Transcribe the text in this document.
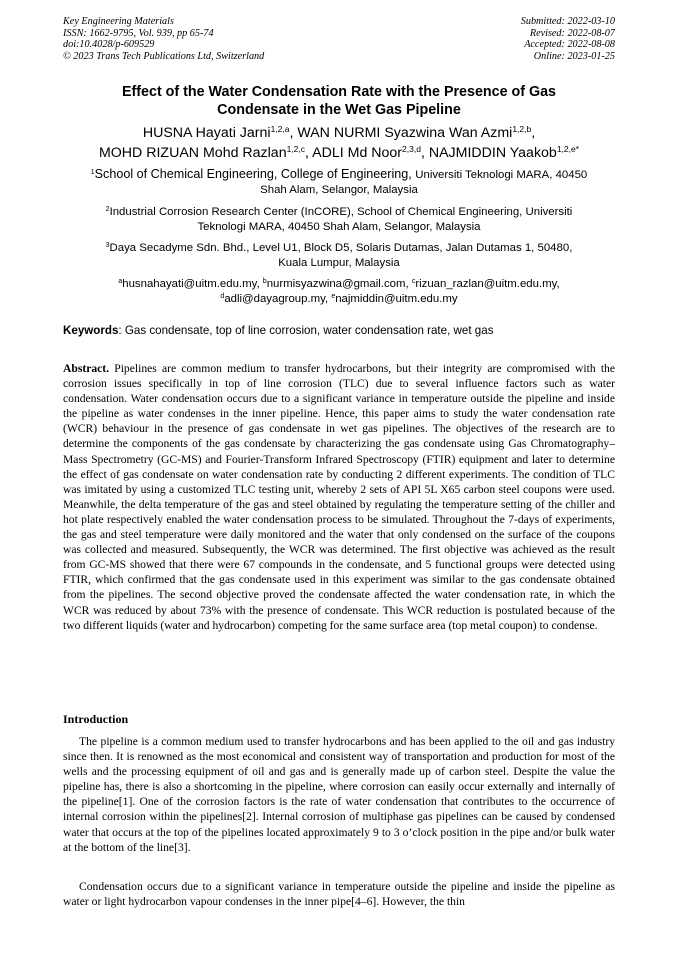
Key Engineering Materials
ISSN: 1662-9795, Vol. 939, pp 65-74
doi:10.4028/p-609529
© 2023 Trans Tech Publications Ltd, Switzerland
Submitted: 2022-03-10
Revised: 2022-08-07
Accepted: 2022-08-08
Online: 2023-01-25
Effect of the Water Condensation Rate with the Presence of Gas
Condensate in the Wet Gas Pipeline
HUSNA Hayati Jarni$^{1,2,a}$, WAN NURMI Syazwina Wan Azmi$^{1,2,b}$,
MOHD RIZUAN Mohd Razlan$^{1,2,c}$, ADLI Md Noor$^{2,3,d}$, NAJMIDDIN Yaakob$^{1,2,e*}$
$^1$School of Chemical Engineering, College of Engineering, Universiti Teknologi MARA, 40450
Shah Alam, Selangor, Malaysia
$^2$Industrial Corrosion Research Center (InCORE), School of Chemical Engineering, Universiti
Teknologi MARA, 40450 Shah Alam, Selangor, Malaysia
$^3$Daya Secadyme Sdn. Bhd., Level U1, Block D5, Solaris Dutamas, Jalan Dutamas 1, 50480,
Kuala Lumpur, Malaysia
$^a$husnahayati@uitm.edu.my, $^b$nurmisyazwina@gmail.com, $^c$rizuan_razlan@uitm.edu.my,
$^d$adli@dayagroup.my, $^e$najmiddin@uitm.edu.my
Keywords: Gas condensate, top of line corrosion, water condensation rate, wet gas

Abstract. Pipelines are common medium to transfer hydrocarbons, but their integrity are compromised with the corrosion issues specifically in top of line corrosion (TLC) due to several influence factors such as water condensation. Water condensation occurs due to a significant variance in temperature outside the pipeline and inside the pipeline as water condenses in the inner pipeline. Hence, this paper aims to study the water condensation rate (WCR) behaviour in the presence of gas condensate in wet gas pipelines. The objectives of the research are to determine the components of the gas condensate by characterizing the gas condensate using Gas Chromatography–Mass Spectrometry (GC-MS) and Fourier-Transform Infrared Spectroscopy (FTIR) equipment and later to determine the effect of gas condensate on water condensation rate by conducting 2 different experiments. The condition of TLC was imitated by using a customized TLC testing unit, whereby 2 sets of API 5L X65 carbon steel coupons were used. Meanwhile, the delta temperature of the gas and steel obtained by regulating the temperature setting of the chiller and hot plate respectively enabled the water condensation process to be simulated. Throughout the 7-days of experiments, the gas and steel temperature were daily monitored and the water that only condensed on the surface of the coupons was collected and measured. Subsequently, the WCR was determined. The first objective was achieved as the result from GC-MS showed that there were 67 compounds in the condensate, and 5 functional groups were detected using FTIR, which confirmed that the gas condensate used in this experiment was similar to the gas condensate obtained from the pipelines. The second objective proved the condensate affected the water condensation rate, in which the WCR was reduced by about 73% with the presence of condensate. This WCR reduction is postulated because of the two different liquids (water and hydrocarbon) competing for the same surface area (top metal coupon) to condense.

Introduction

The pipeline is a common medium used to transfer hydrocarbons and has been applied to the oil and gas industry since then. It is renowned as the most economical and consistent way of transportation and production for most of the wells and the processing equipment of oil and gas and is generally made up of carbon steel. Despite the value the pipeline has, there is also a shortcoming in the pipeline, where corrosion can easily occur externally and internally of the pipeline[1]. One of the corrosion factors is the rate of water condensation that contributes to the occurrence of internal corrosion within the pipelines[2]. Internal corrosion of multiphase gas pipelines can be caused by condensed water that occurs at the top of the pipelines located approximately 9 to 3 o’clock position in the pipe and/or bulk water at the bottom of the line[3].

Condensation occurs due to a significant variance in temperature outside the pipeline and inside the pipeline as water or light hydrocarbon vapour condenses in the inner pipe[4–6]. However, the thin
